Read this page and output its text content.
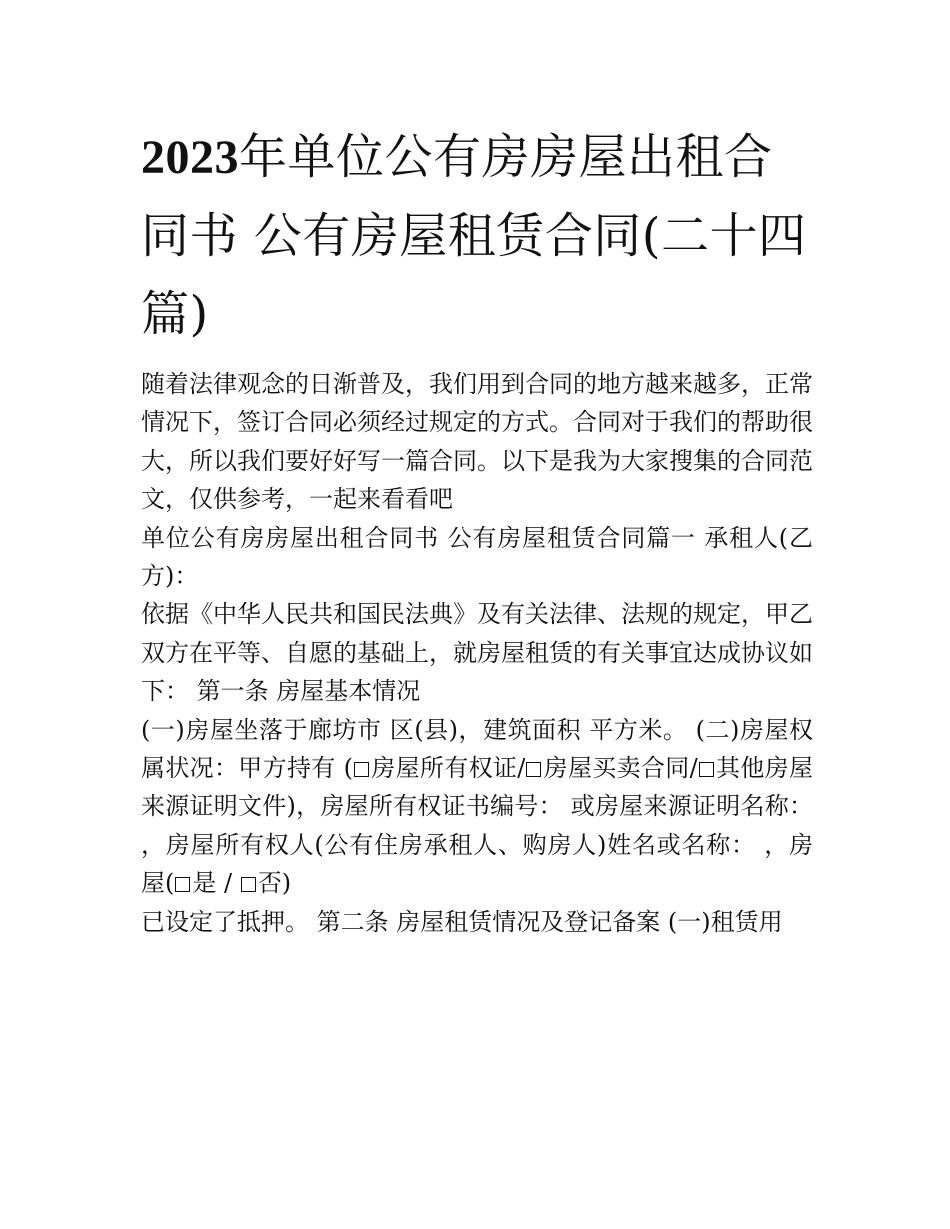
2023年单位公有房房屋出租合同书 公有房屋租赁合同(二十四篇)

随着法律观念的日渐普及，我们用到合同的地方越来越多，正常情况下，签订合同必须经过规定的方式。合同对于我们的帮助很大，所以我们要好好写一篇合同。以下是我为大家搜集的合同范文，仅供参考，一起来看看吧

单位公有房房屋出租合同书 公有房屋租赁合同篇一 承租人(乙方)：

依据《中华人民共和国民法典》及有关法律、法规的规定，甲乙双方在平等、自愿的基础上，就房屋租赁的有关事宜达成协议如下： 第一条 房屋基本情况

(一)房屋坐落于廊坊市 区(县)，建筑面积 平方米。 (二)房屋权属状况：甲方持有 ( 房屋所有权证/ 房屋买卖合同/ 其他房屋来源证明文件)，房屋所有权证书编号： 或房屋来源证明名称： ，房屋所有权人(公有住房承租人、购房人)姓名或名称： ，房屋( 是 / 否)

已设定了抵押。 第二条 房屋租赁情况及登记备案 (一)租赁用
